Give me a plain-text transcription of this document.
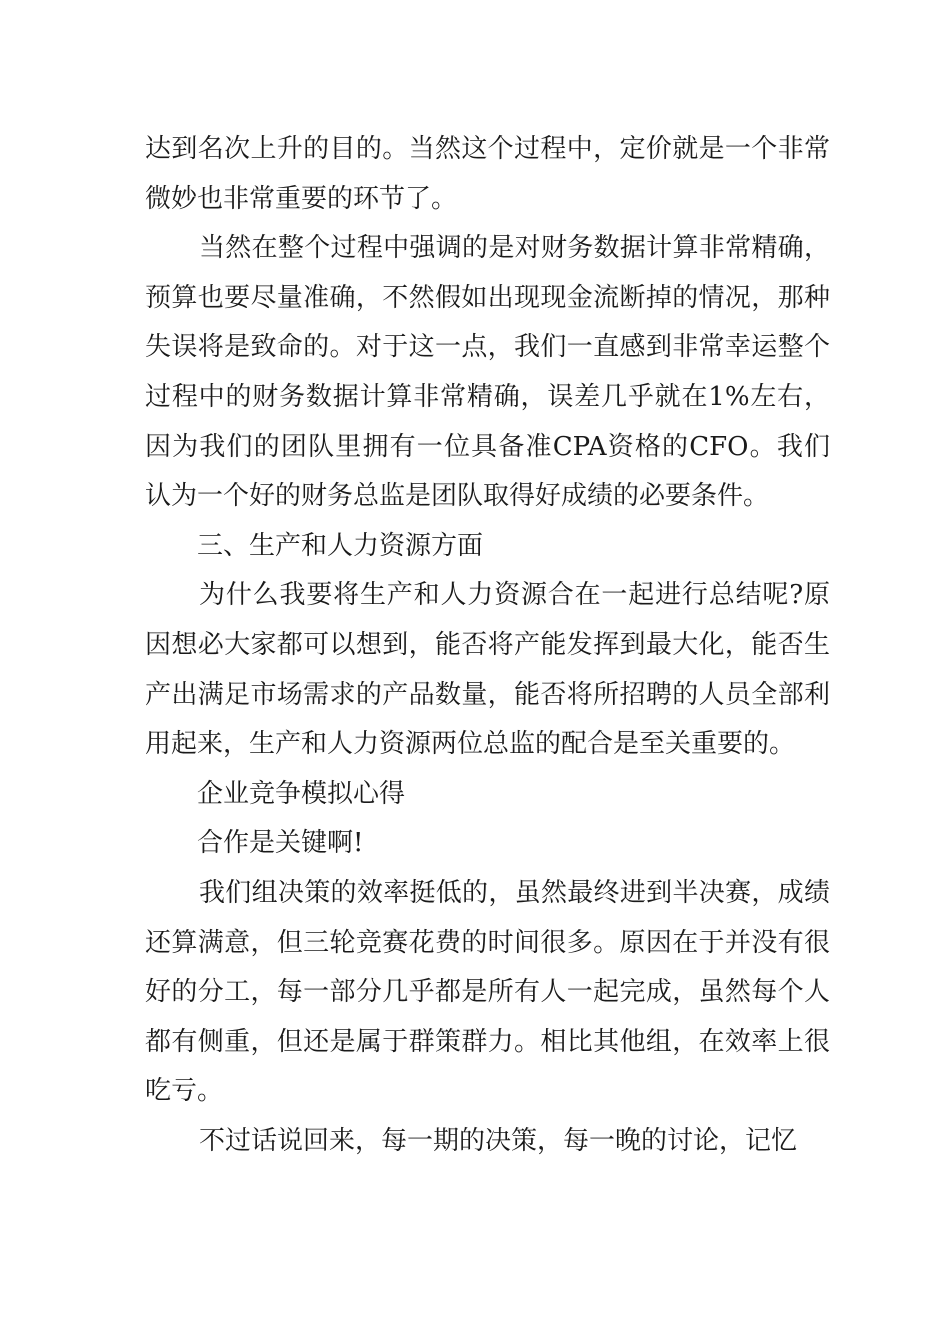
达到名次上升的目的。当然这个过程中，定价就是一个非常微妙也非常重要的环节了。

当然在整个过程中强调的是对财务数据计算非常精确，预算也要尽量准确，不然假如出现现金流断掉的情况，那种失误将是致命的。对于这一点，我们一直感到非常幸运整个过程中的财务数据计算非常精确，误差几乎就在1%左右，因为我们的团队里拥有一位具备准CPA资格的CFO。我们认为一个好的财务总监是团队取得好成绩的必要条件。

三、生产和人力资源方面

为什么我要将生产和人力资源合在一起进行总结呢?原因想必大家都可以想到，能否将产能发挥到最大化，能否生产出满足市场需求的产品数量，能否将所招聘的人员全部利用起来，生产和人力资源两位总监的配合是至关重要的。

企业竞争模拟心得

合作是关键啊!

我们组决策的效率挺低的，虽然最终进到半决赛，成绩还算满意，但三轮竞赛花费的时间很多。原因在于并没有很好的分工，每一部分几乎都是所有人一起完成，虽然每个人都有侧重，但还是属于群策群力。相比其他组，在效率上很吃亏。

不过话说回来，每一期的决策，每一晚的讨论，记忆
